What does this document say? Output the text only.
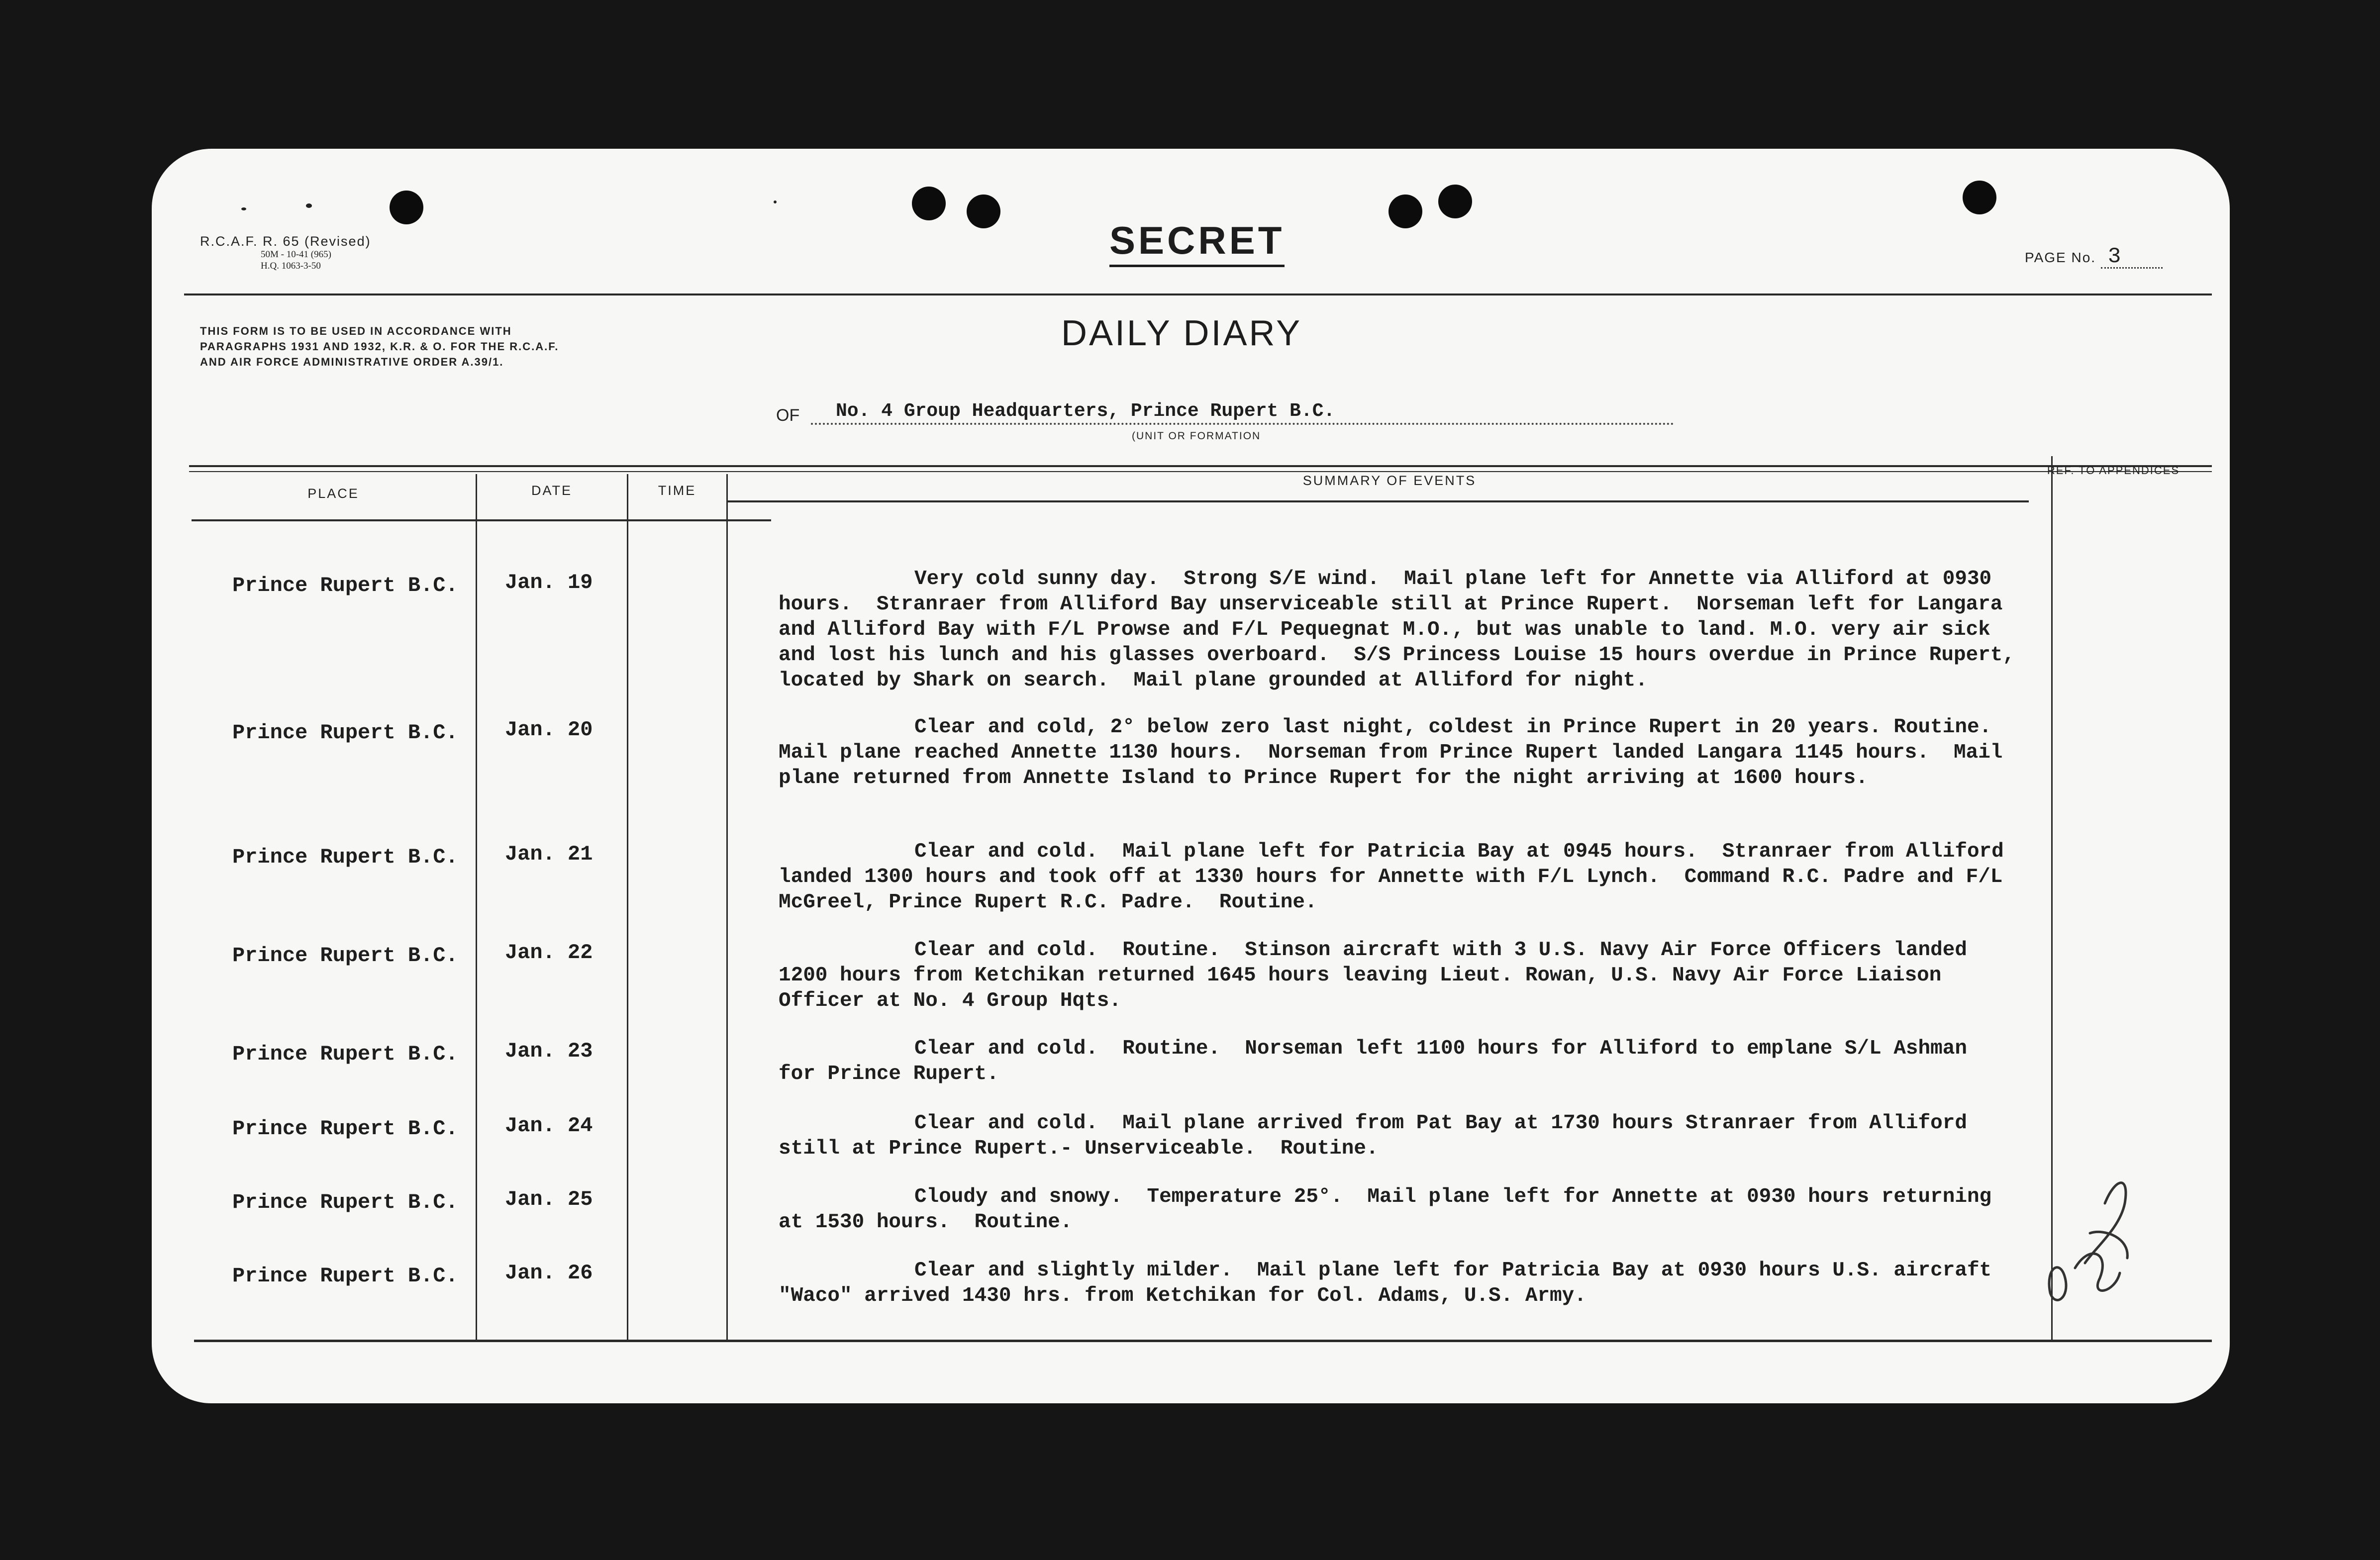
R.C.A.F. R. 65 (Revised)
50M - 10-41 (965)
H.Q. 1063-3-50
SECRET	PAGE No. 3
THIS FORM IS TO BE USED IN ACCORDANCE WITH PARAGRAPHS 1931 AND 1932, K.R. & O. FOR THE R.C.A.F. AND AIR FORCE ADMINISTRATIVE ORDER A.39/1.
DAILY DIARY
OF	No. 4 Group Headquarters, Prince Rupert B.C.
(UNIT OR FORMATION
PLACE	DATE	TIME
SUMMARY OF EVENTS
REF. TO APPENDICES
Prince Rupert B.C. Jan. 19	Very cold sunny day.  Strong S/E wind.  Mail plane left for Annette via Alliford at 0930 hours.  Stranraer from Alliford Bay unserviceable still at Prince Rupert.  Norseman left for Langara and Alliford Bay with F/L Prowse and F/L Pequegnat M.O., but was unable to land. M.O. very air sick and lost his lunch and his glasses overboard.  S/S Princess Louise 15 hours overdue in Prince Rupert, located by Shark on search.  Mail plane grounded at Alliford for night.
Prince Rupert B.C. Jan. 20	Clear and cold, 2° below zero last night, coldest in Prince Rupert in 20 years. Routine.  Mail plane reached Annette 1130 hours.  Norseman from Prince Rupert landed Langara 1145 hours.  Mail plane returned from Annette Island to Prince Rupert for the night arriving at 1600 hours.
Prince Rupert B.C. Jan. 21	Clear and cold.  Mail plane left for Patricia Bay at 0945 hours.  Stranraer from Alliford landed 1300 hours and took off at 1330 hours for Annette with F/L Lynch.  Command R.C. Padre and F/L McGreel, Prince Rupert R.C. Padre.  Routine.
Prince Rupert B.C. Jan. 22	Clear and cold.  Routine.  Stinson aircraft with 3 U.S. Navy Air Force Officers landed 1200 hours from Ketchikan returned 1645 hours leaving Lieut. Rowan, U.S. Navy Air Force Liaison Officer at No. 4 Group Hqts.
Prince Rupert B.C. Jan. 23	Clear and cold.  Routine.  Norseman left 1100 hours for Alliford to emplane S/L Ashman for Prince Rupert.
Prince Rupert B.C. Jan. 24	Clear and cold.  Mail plane arrived from Pat Bay at 1730 hours Stranraer from Alliford still at Prince Rupert.- Unserviceable.  Routine.
Prince Rupert B.C. Jan. 25	Cloudy and snowy.  Temperature 25°.  Mail plane left for Annette at 0930 hours returning at 1530 hours.  Routine.
Prince Rupert B.C. Jan. 26	Clear and slightly milder.  Mail plane left for Patricia Bay at 0930 hours U.S. aircraft "Waco" arrived 1430 hrs. from Ketchikan for Col. Adams, U.S. Army.
